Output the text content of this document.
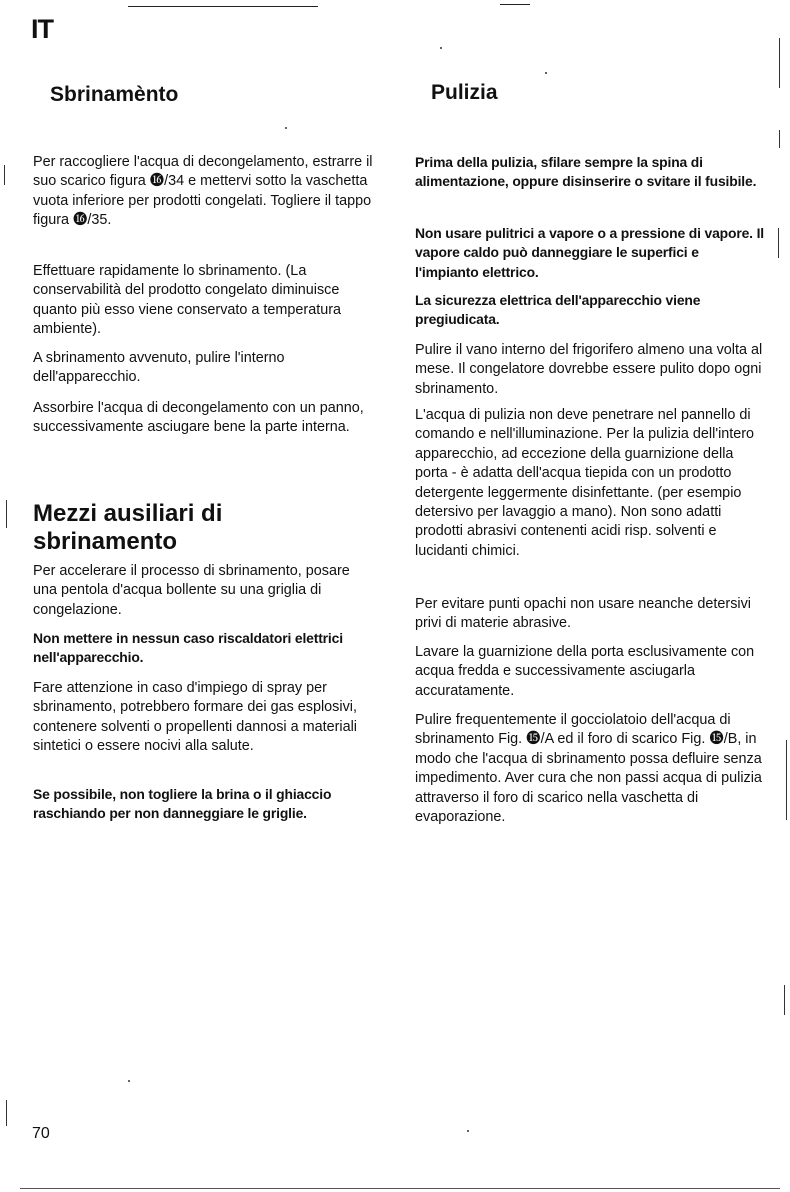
IT
Sbrinamènto

Per raccogliere l'acqua di decongelamento, estrarre il suo scarico figura ⓰/34 e mettervi sotto la vaschetta vuota inferiore per prodotti congelati. Togliere il tappo figura ⓰/35.

Effettuare rapidamente lo sbrinamento. (La conservabilità del prodotto congelato diminuisce quanto più esso viene conservato a temperatura ambiente).

A sbrinamento avvenuto, pulire l'interno dell'apparecchio.

Assorbire l'acqua di decongelamento con un panno, successivamente asciugare bene la parte interna.

Mezzi ausiliari di sbrinamento

Per accelerare il processo di sbrinamento, posare una pentola d'acqua bollente su una griglia di congelazione.

Non mettere in nessun caso riscaldatori elettrici nell'apparecchio.

Fare attenzione in caso d'impiego di spray per sbrinamento, potrebbero formare dei gas esplosivi, contenere solventi o propellenti dannosi a materiali sintetici o essere nocivi alla salute.

Se possibile, non togliere la brina o il ghiaccio raschiando per non danneggiare le griglie.

Pulizia

Prima della pulizia, sfilare sempre la spina di alimentazione, oppure disinserire o svitare il fusibile.

Non usare pulitrici a vapore o a pressione di vapore. Il vapore caldo può danneggiare le superfici e l'impianto elettrico.

La sicurezza elettrica dell'apparecchio viene pregiudicata.

Pulire il vano interno del frigorifero almeno una volta al mese. Il congelatore dovrebbe essere pulito dopo ogni sbrinamento.

L'acqua di pulizia non deve penetrare nel pannello di comando e nell'illuminazione. Per la pulizia dell'intero apparecchio, ad eccezione della guarnizione della porta - è adatta dell'acqua tiepida con un prodotto detergente leggermente disinfettante. (per esempio detersivo per lavaggio a mano). Non sono adatti prodotti abrasivi contenenti acidi risp. solventi e lucidanti chimici.

Per evitare punti opachi non usare neanche detersivi privi di materie abrasive.

Lavare la guarnizione della porta esclusivamente con acqua fredda e successivamente asciugarla accuratamente.

Pulire frequentemente il gocciolatoio dell'acqua di sbrinamento Fig. ⓯/A ed il foro di scarico Fig. ⓯/B, in modo che l'acqua di sbrinamento possa defluire senza impedimento. Aver cura che non passi acqua di pulizia attraverso il foro di scarico nella vaschetta di evaporazione.

70
